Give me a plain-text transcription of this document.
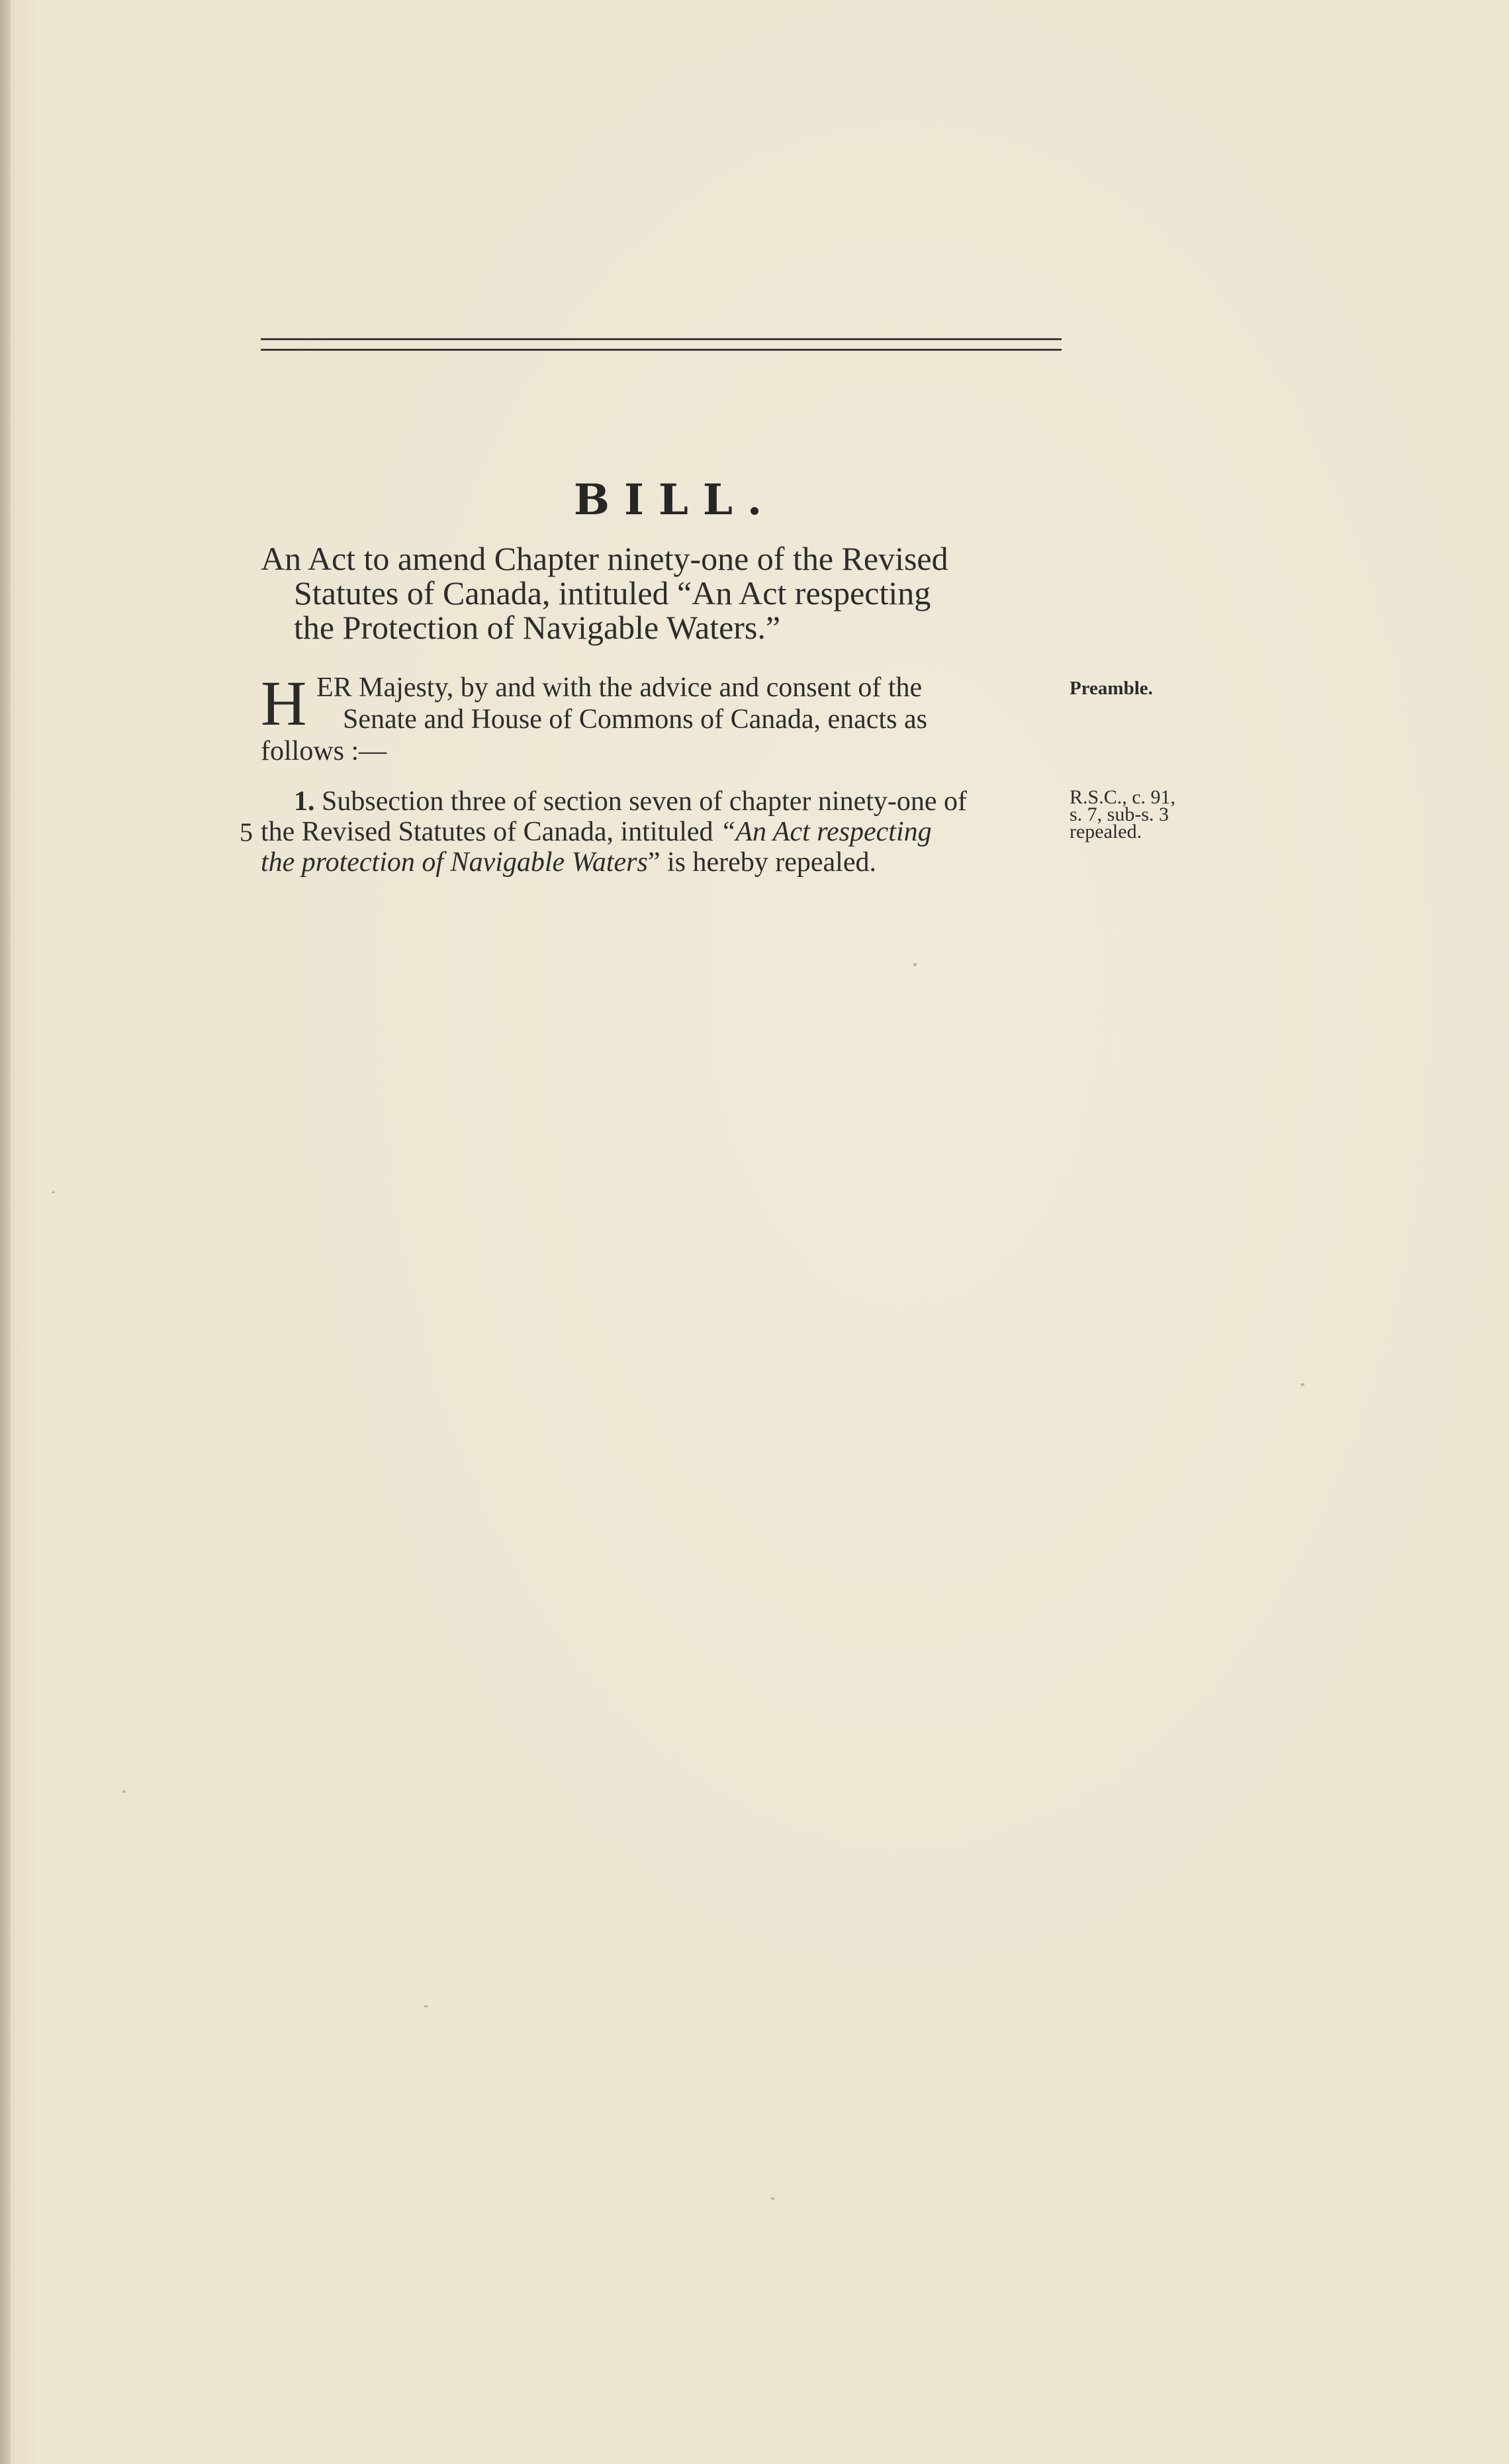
BILL.
An Act to amend Chapter ninety-one of the Revised
Statutes of Canada, intituled “An Act respecting
the Protection of Navigable Waters.”
H ER Majesty, by and with the advice and consent of the
Senate and House of Commons of Canada, enacts as
follows :—
Preamble.
1. Subsection three of section seven of chapter ninety-one of
the Revised Statutes of Canada, intituled “An Act respecting
the protection of Navigable Waters” is hereby repealed.
5
R.S.C., c. 91,
s. 7, sub-s. 3
repealed.
